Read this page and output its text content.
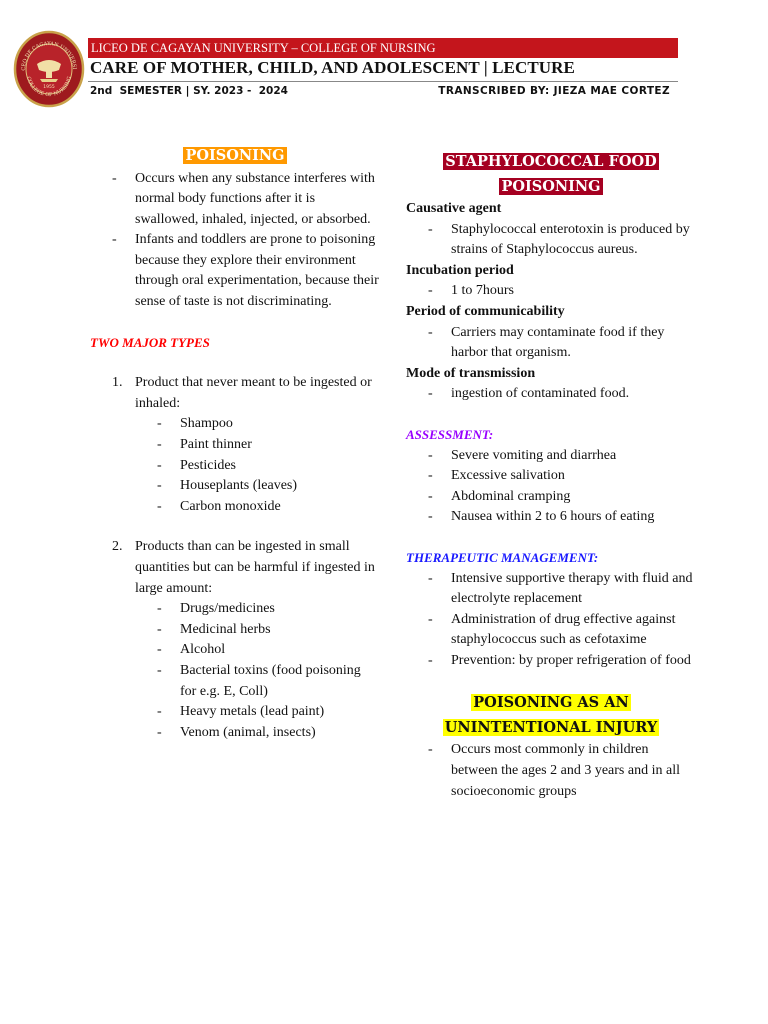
CEO DE CAGAYAN UNIVERSI
COLLEGE OF NURSING
1955
LICEO DE CAGAYAN UNIVERSITY – COLLEGE OF NURSING
CARE OF MOTHER, CHILD, AND ADOLESCENT | LECTURE
2nd  SEMESTER | SY. 2023 -  2024	TRANSCRIBED BY: JIEZA MAE CORTEZ

POISONING

- Occurs when any substance interferes with normal body functions after it is swallowed, inhaled, injected, or absorbed.
- Infants and toddlers are prone to poisoning because they explore their environment through oral experimentation, because their sense of taste is not discriminating.
TWO MAJOR TYPES
1. Product that never meant to be ingested or inhaled:
- Shampoo
- Paint thinner
- Pesticides
- Houseplants (leaves)
- Carbon monoxide
2. Products than can be ingested in small quantities but can be harmful if ingested in large amount:
- Drugs/medicines
- Medicinal herbs
- Alcohol
- Bacterial toxins (food poisoning for e.g. E, Coll)
- Heavy metals (lead paint)
- Venom (animal, insects)

STAPHYLOCOCCAL FOOD
POISONING

Causative agent
- Staphylococcal enterotoxin is produced by strains of Staphylococcus aureus.
Incubation period
- 1 to 7hours
Period of communicability
- Carriers may contaminate food if they harbor that organism.
Mode of transmission
- ingestion of contaminated food.
ASSESSMENT:
- Severe vomiting and diarrhea
- Excessive salivation
- Abdominal cramping
- Nausea within 2 to 6 hours of eating
THERAPEUTIC MANAGEMENT:
- Intensive supportive therapy with fluid and electrolyte replacement
- Administration of drug effective against staphylococcus such as cefotaxime
- Prevention: by proper refrigeration of food

POISONING AS AN
UNINTENTIONAL INJURY

- Occurs most commonly in children between the ages 2 and 3 years and in all socioeconomic groups
